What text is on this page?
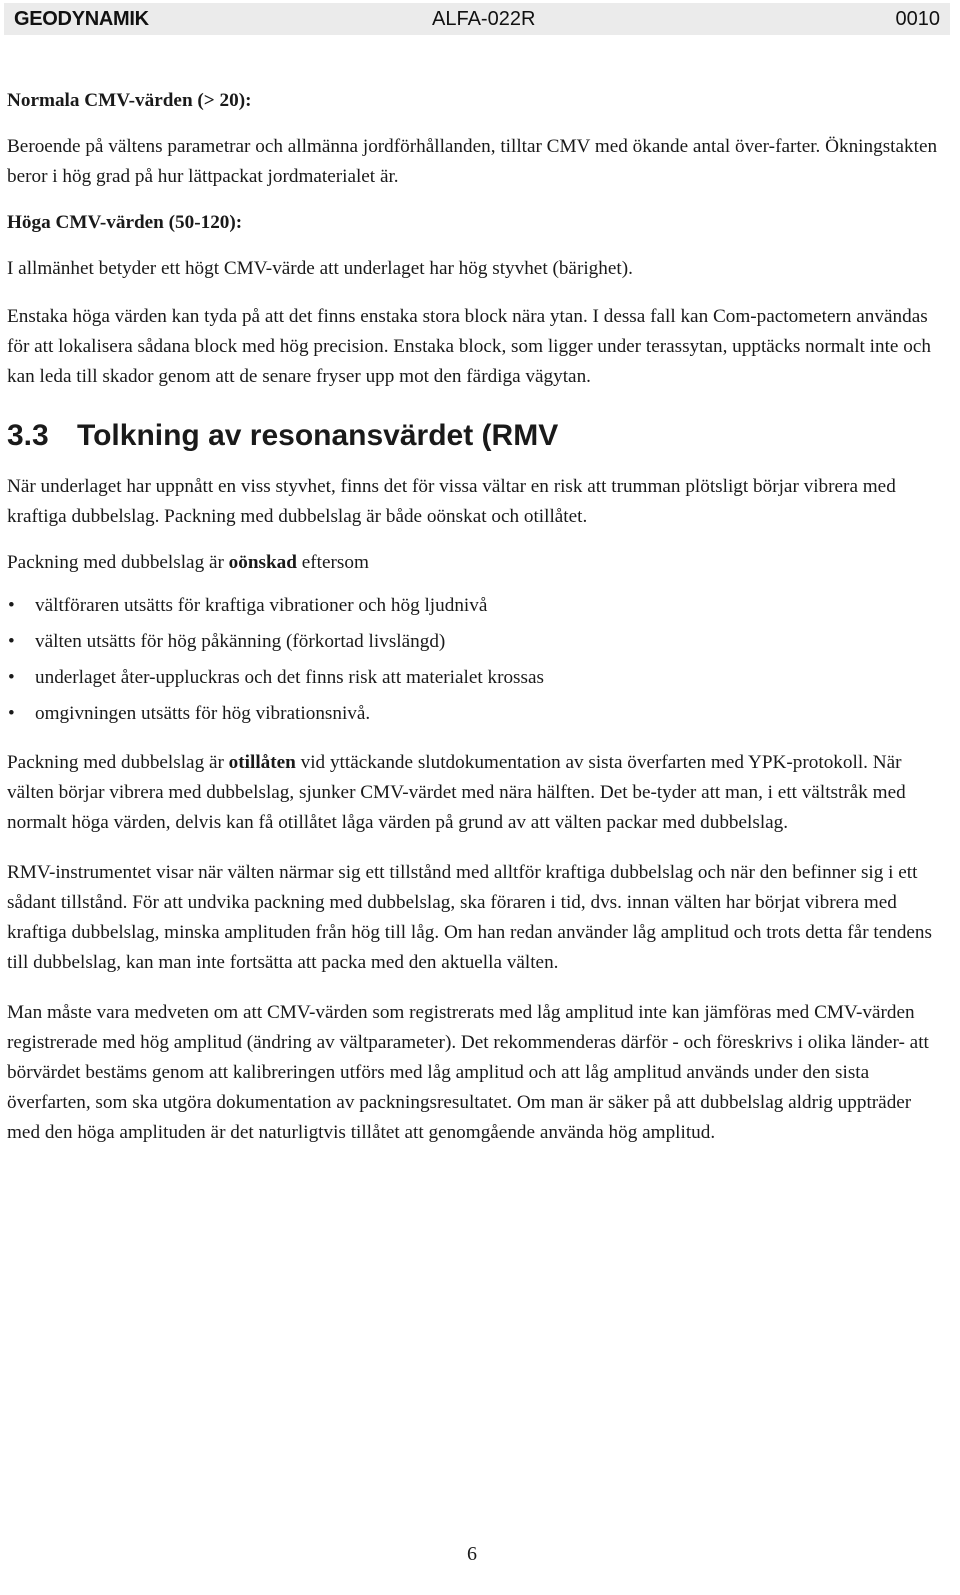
GEODYNAMIK	ALFA-022R	0010

Normala CMV-värden (> 20):

Beroende på vältens parametrar och allmänna jordförhållanden, tilltar CMV med ökande antal över-farter. Ökningstakten beror i hög grad på hur lättpackat jordmaterialet är.

Höga CMV-värden (50-120):

I allmänhet betyder ett högt CMV-värde att underlaget har hög styvhet (bärighet).

Enstaka höga värden kan tyda på att det finns enstaka stora block nära ytan. I dessa fall kan Com-pactometern användas för att lokalisera sådana block med hög precision. Enstaka block, som ligger under terassytan, upptäcks normalt inte och kan leda till skador genom att de senare fryser upp mot den färdiga vägytan.

3.3 Tolkning av resonansvärdet (RMV

När underlaget har uppnått en viss styvhet, finns det för vissa vältar en risk att trumman plötsligt börjar vibrera med kraftiga dubbelslag. Packning med dubbelslag är både oönskat och otillåtet.

Packning med dubbelslag är oönskad eftersom

• vältföraren utsätts för kraftiga vibrationer och hög ljudnivå
• välten utsätts för hög påkänning (förkortad livslängd)
• underlaget åter-uppluckras och det finns risk att materialet krossas
• omgivningen utsätts för hög vibrationsnivå.

Packning med dubbelslag är otillåten vid yttäckande slutdokumentation av sista överfarten med YPK-protokoll. När välten börjar vibrera med dubbelslag, sjunker CMV-värdet med nära hälften. Det be-tyder att man, i ett vältstråk med normalt höga värden, delvis kan få otillåtet låga värden på grund av att välten packar med dubbelslag.

RMV-instrumentet visar när välten närmar sig ett tillstånd med alltför kraftiga dubbelslag och när den befinner sig i ett sådant tillstånd. För att undvika packning med dubbelslag, ska föraren i tid, dvs. innan välten har börjat vibrera med kraftiga dubbelslag, minska amplituden från hög till låg. Om han redan använder låg amplitud och trots detta får tendens till dubbelslag, kan man inte fortsätta att packa med den aktuella välten.

Man måste vara medveten om att CMV-värden som registrerats med låg amplitud inte kan jämföras med CMV-värden registrerade med hög amplitud (ändring av vältparameter). Det rekommenderas därför - och föreskrivs i olika länder- att börvärdet bestäms genom att kalibreringen utförs med låg amplitud och att låg amplitud används under den sista överfarten, som ska utgöra dokumentation av packningsresultatet. Om man är säker på att dubbelslag aldrig uppträder med den höga amplituden är det naturligtvis tillåtet att genomgående använda hög amplitud.

6
